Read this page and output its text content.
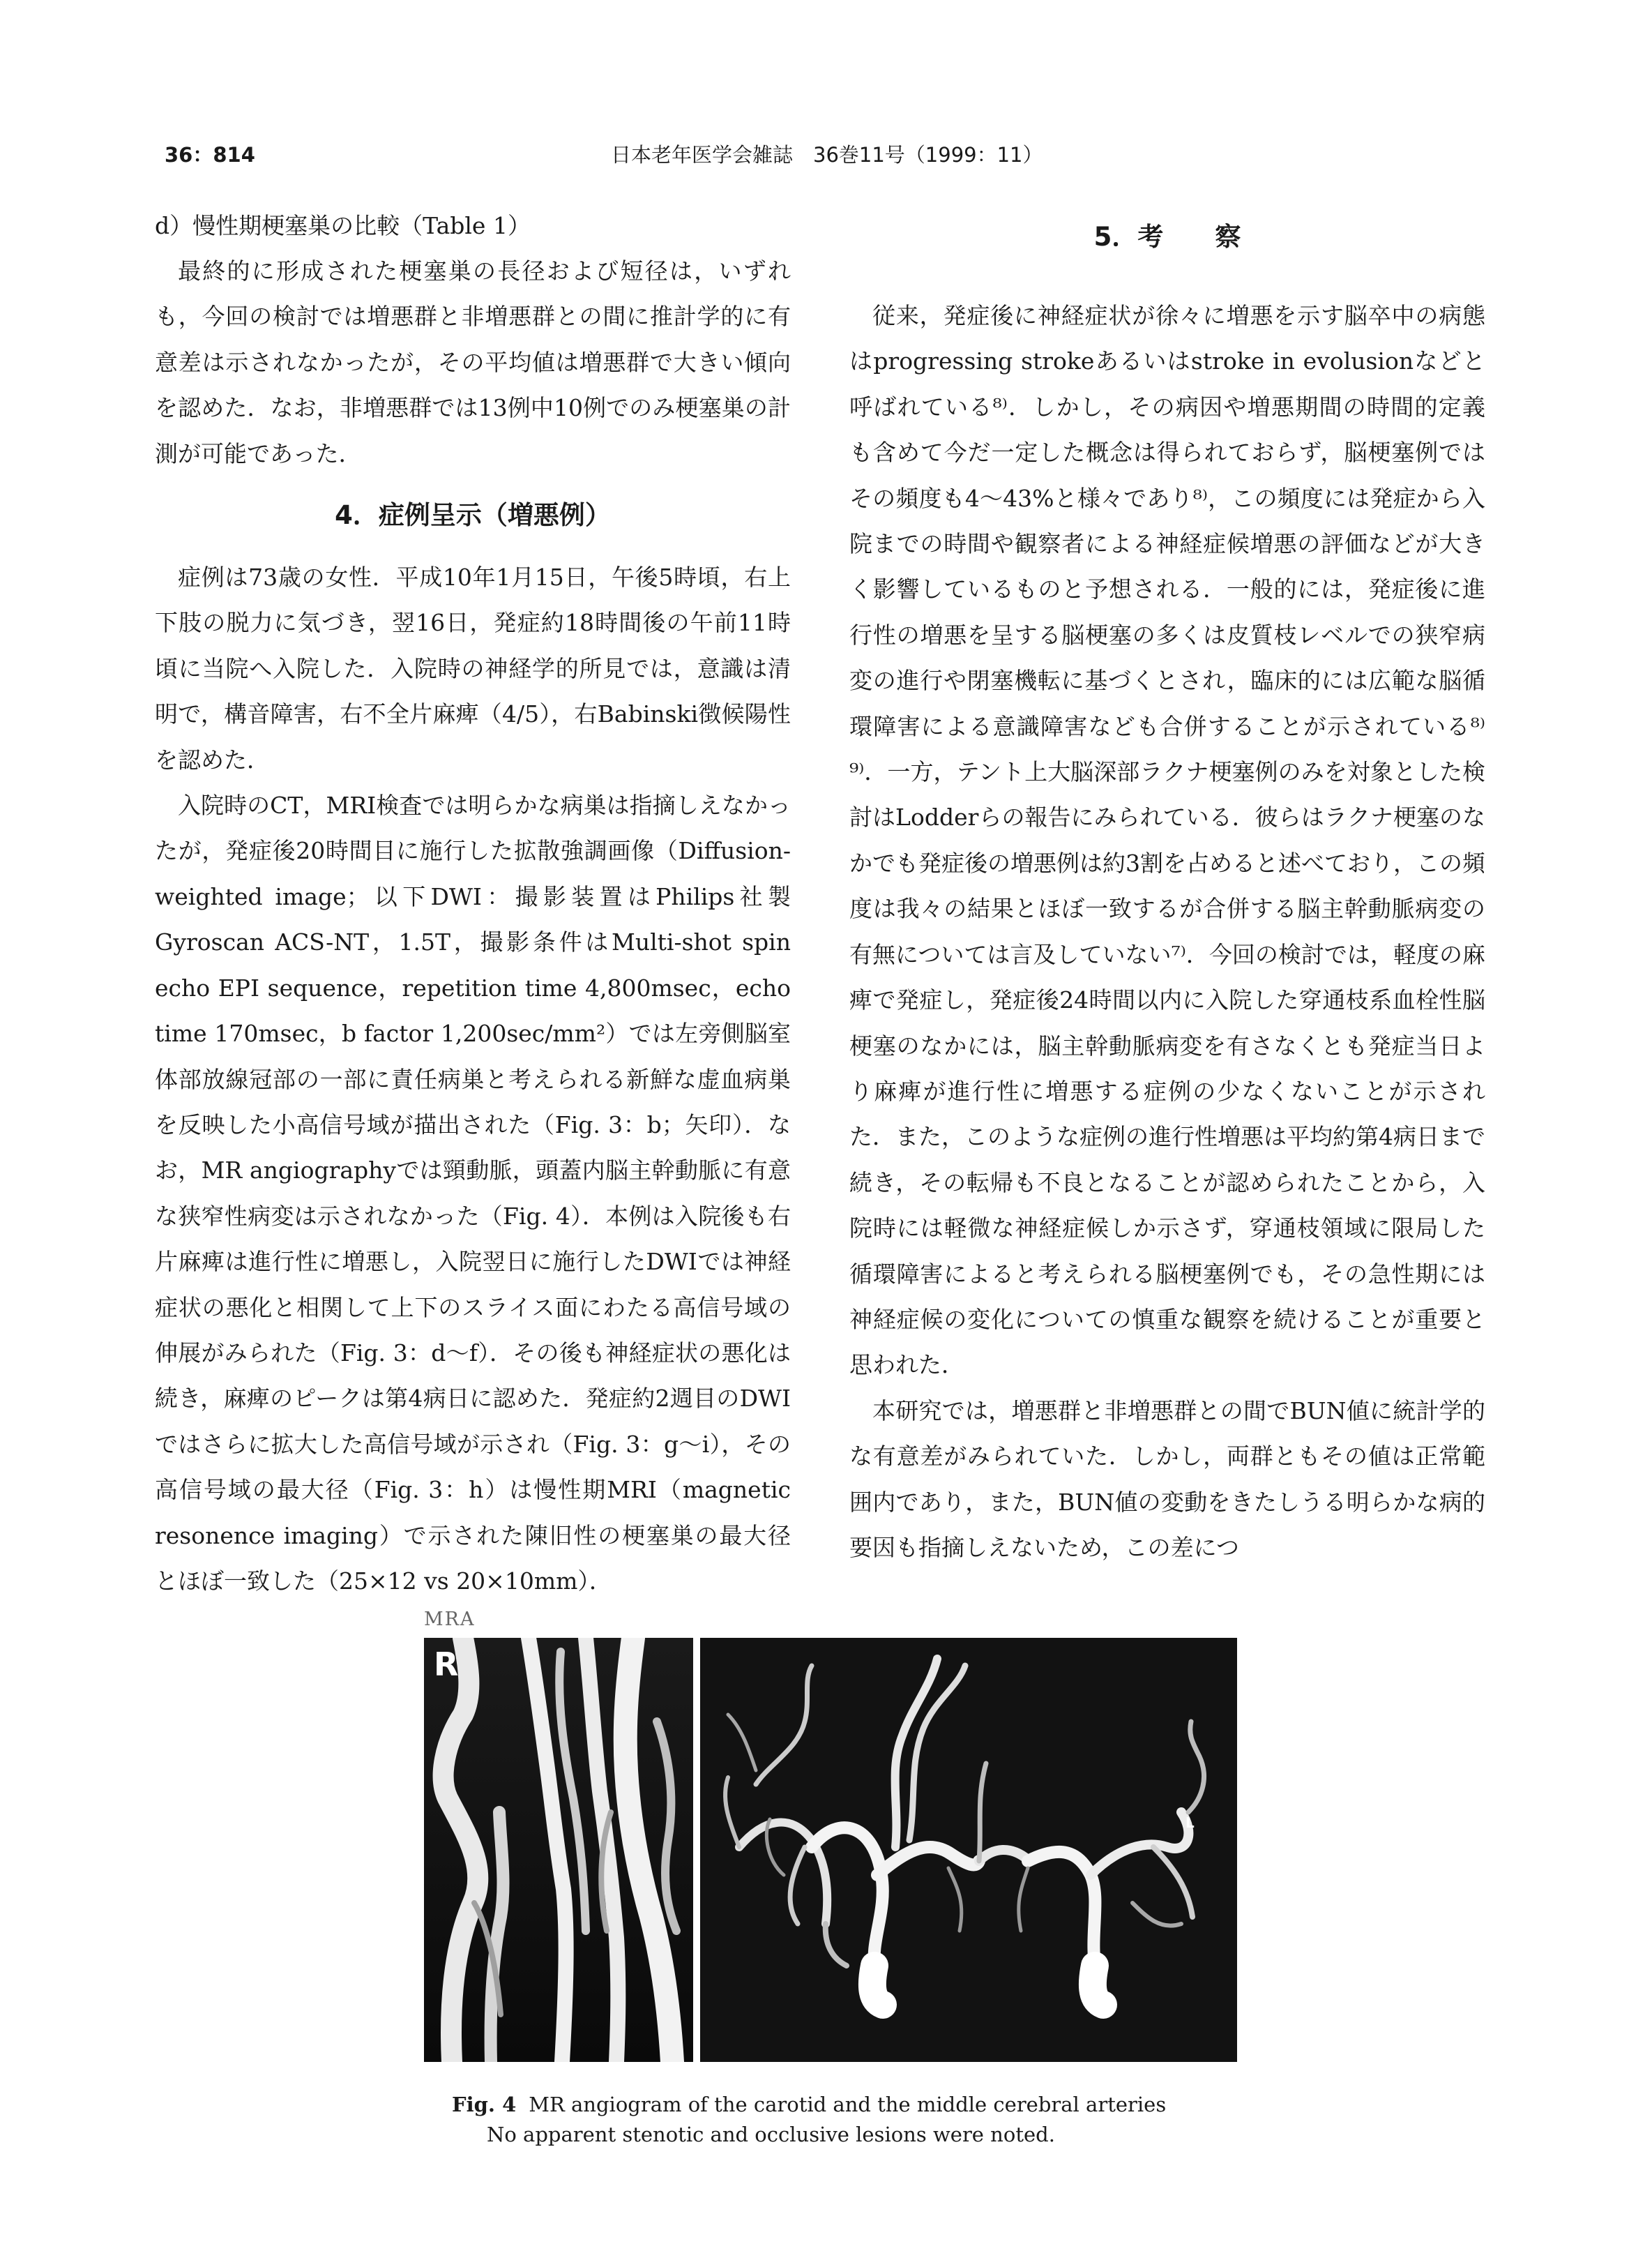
36：814	日本老年医学会雑誌　36巻11号（1999：11）

d）慢性期梗塞巣の比較（Table 1）

最終的に形成された梗塞巣の長径および短径は，いずれも，今回の検討では増悪群と非増悪群との間に推計学的に有意差は示されなかったが，その平均値は増悪群で大きい傾向を認めた．なお，非増悪群では13例中10例でのみ梗塞巣の計測が可能であった．

4．症例呈示（増悪例）

症例は73歳の女性．平成10年1月15日，午後5時頃，右上下肢の脱力に気づき，翌16日，発症約18時間後の午前11時頃に当院へ入院した．入院時の神経学的所見では，意識は清明で，構音障害，右不全片麻痺（4/5），右Babinski徴候陽性を認めた．

入院時のCT，MRI検査では明らかな病巣は指摘しえなかったが，発症後20時間目に施行した拡散強調画像（Diffusion-weighted image；以下DWI：撮影装置はPhilips社製Gyroscan ACS-NT，1.5T，撮影条件はMulti-shot spin echo EPI sequence，repetition time 4,800msec，echo time 170msec，b factor 1,200sec/mm²）では左旁側脳室体部放線冠部の一部に責任病巣と考えられる新鮮な虚血病巣を反映した小高信号域が描出された（Fig. 3：b；矢印）．なお，MR angiographyでは頸動脈，頭蓋内脳主幹動脈に有意な狭窄性病変は示されなかった（Fig. 4）．本例は入院後も右片麻痺は進行性に増悪し，入院翌日に施行したDWIでは神経症状の悪化と相関して上下のスライス面にわたる高信号域の伸展がみられた（Fig. 3：d〜f）．その後も神経症状の悪化は続き，麻痺のピークは第4病日に認めた．発症約2週目のDWIではさらに拡大した高信号域が示され（Fig. 3：g〜i），その高信号域の最大径（Fig. 3：h）は慢性期MRI（magnetic resonence imaging）で示された陳旧性の梗塞巣の最大径とほぼ一致した（25×12 vs 20×10mm）．

5．考　　察

従来，発症後に神経症状が徐々に増悪を示す脳卒中の病態はprogressing strokeあるいはstroke in evolusionなどと呼ばれている⁸⁾．しかし，その病因や増悪期間の時間的定義も含めて今だ一定した概念は得られておらず，脳梗塞例ではその頻度も4〜43%と様々であり⁸⁾，この頻度には発症から入院までの時間や観察者による神経症候増悪の評価などが大きく影響しているものと予想される．一般的には，発症後に進行性の増悪を呈する脳梗塞の多くは皮質枝レベルでの狭窄病変の進行や閉塞機転に基づくとされ，臨床的には広範な脳循環障害による意識障害なども合併することが示されている⁸⁾⁹⁾．一方，テント上大脳深部ラクナ梗塞例のみを対象とした検討はLodderらの報告にみられている．彼らはラクナ梗塞のなかでも発症後の増悪例は約3割を占めると述べており，この頻度は我々の結果とほぼ一致するが合併する脳主幹動脈病変の有無については言及していない⁷⁾．今回の検討では，軽度の麻痺で発症し，発症後24時間以内に入院した穿通枝系血栓性脳梗塞のなかには，脳主幹動脈病変を有さなくとも発症当日より麻痺が進行性に増悪する症例の少なくないことが示された．また，このような症例の進行性増悪は平均約第4病日まで続き，その転帰も不良となることが認められたことから，入院時には軽微な神経症候しか示さず，穿通枝領域に限局した循環障害によると考えられる脳梗塞例でも，その急性期には神経症候の変化についての慎重な観察を続けることが重要と思われた．

本研究では，増悪群と非増悪群との間でBUN値に統計学的な有意差がみられていた．しかし，両群ともその値は正常範囲内であり，また，BUN値の変動をきたしうる明らかな病的要因も指摘しえないため，この差につ

MRA
R
L
Fig. 4 MR angiogram of the carotid and the middle cerebral arteries
No apparent stenotic and occlusive lesions were noted.
